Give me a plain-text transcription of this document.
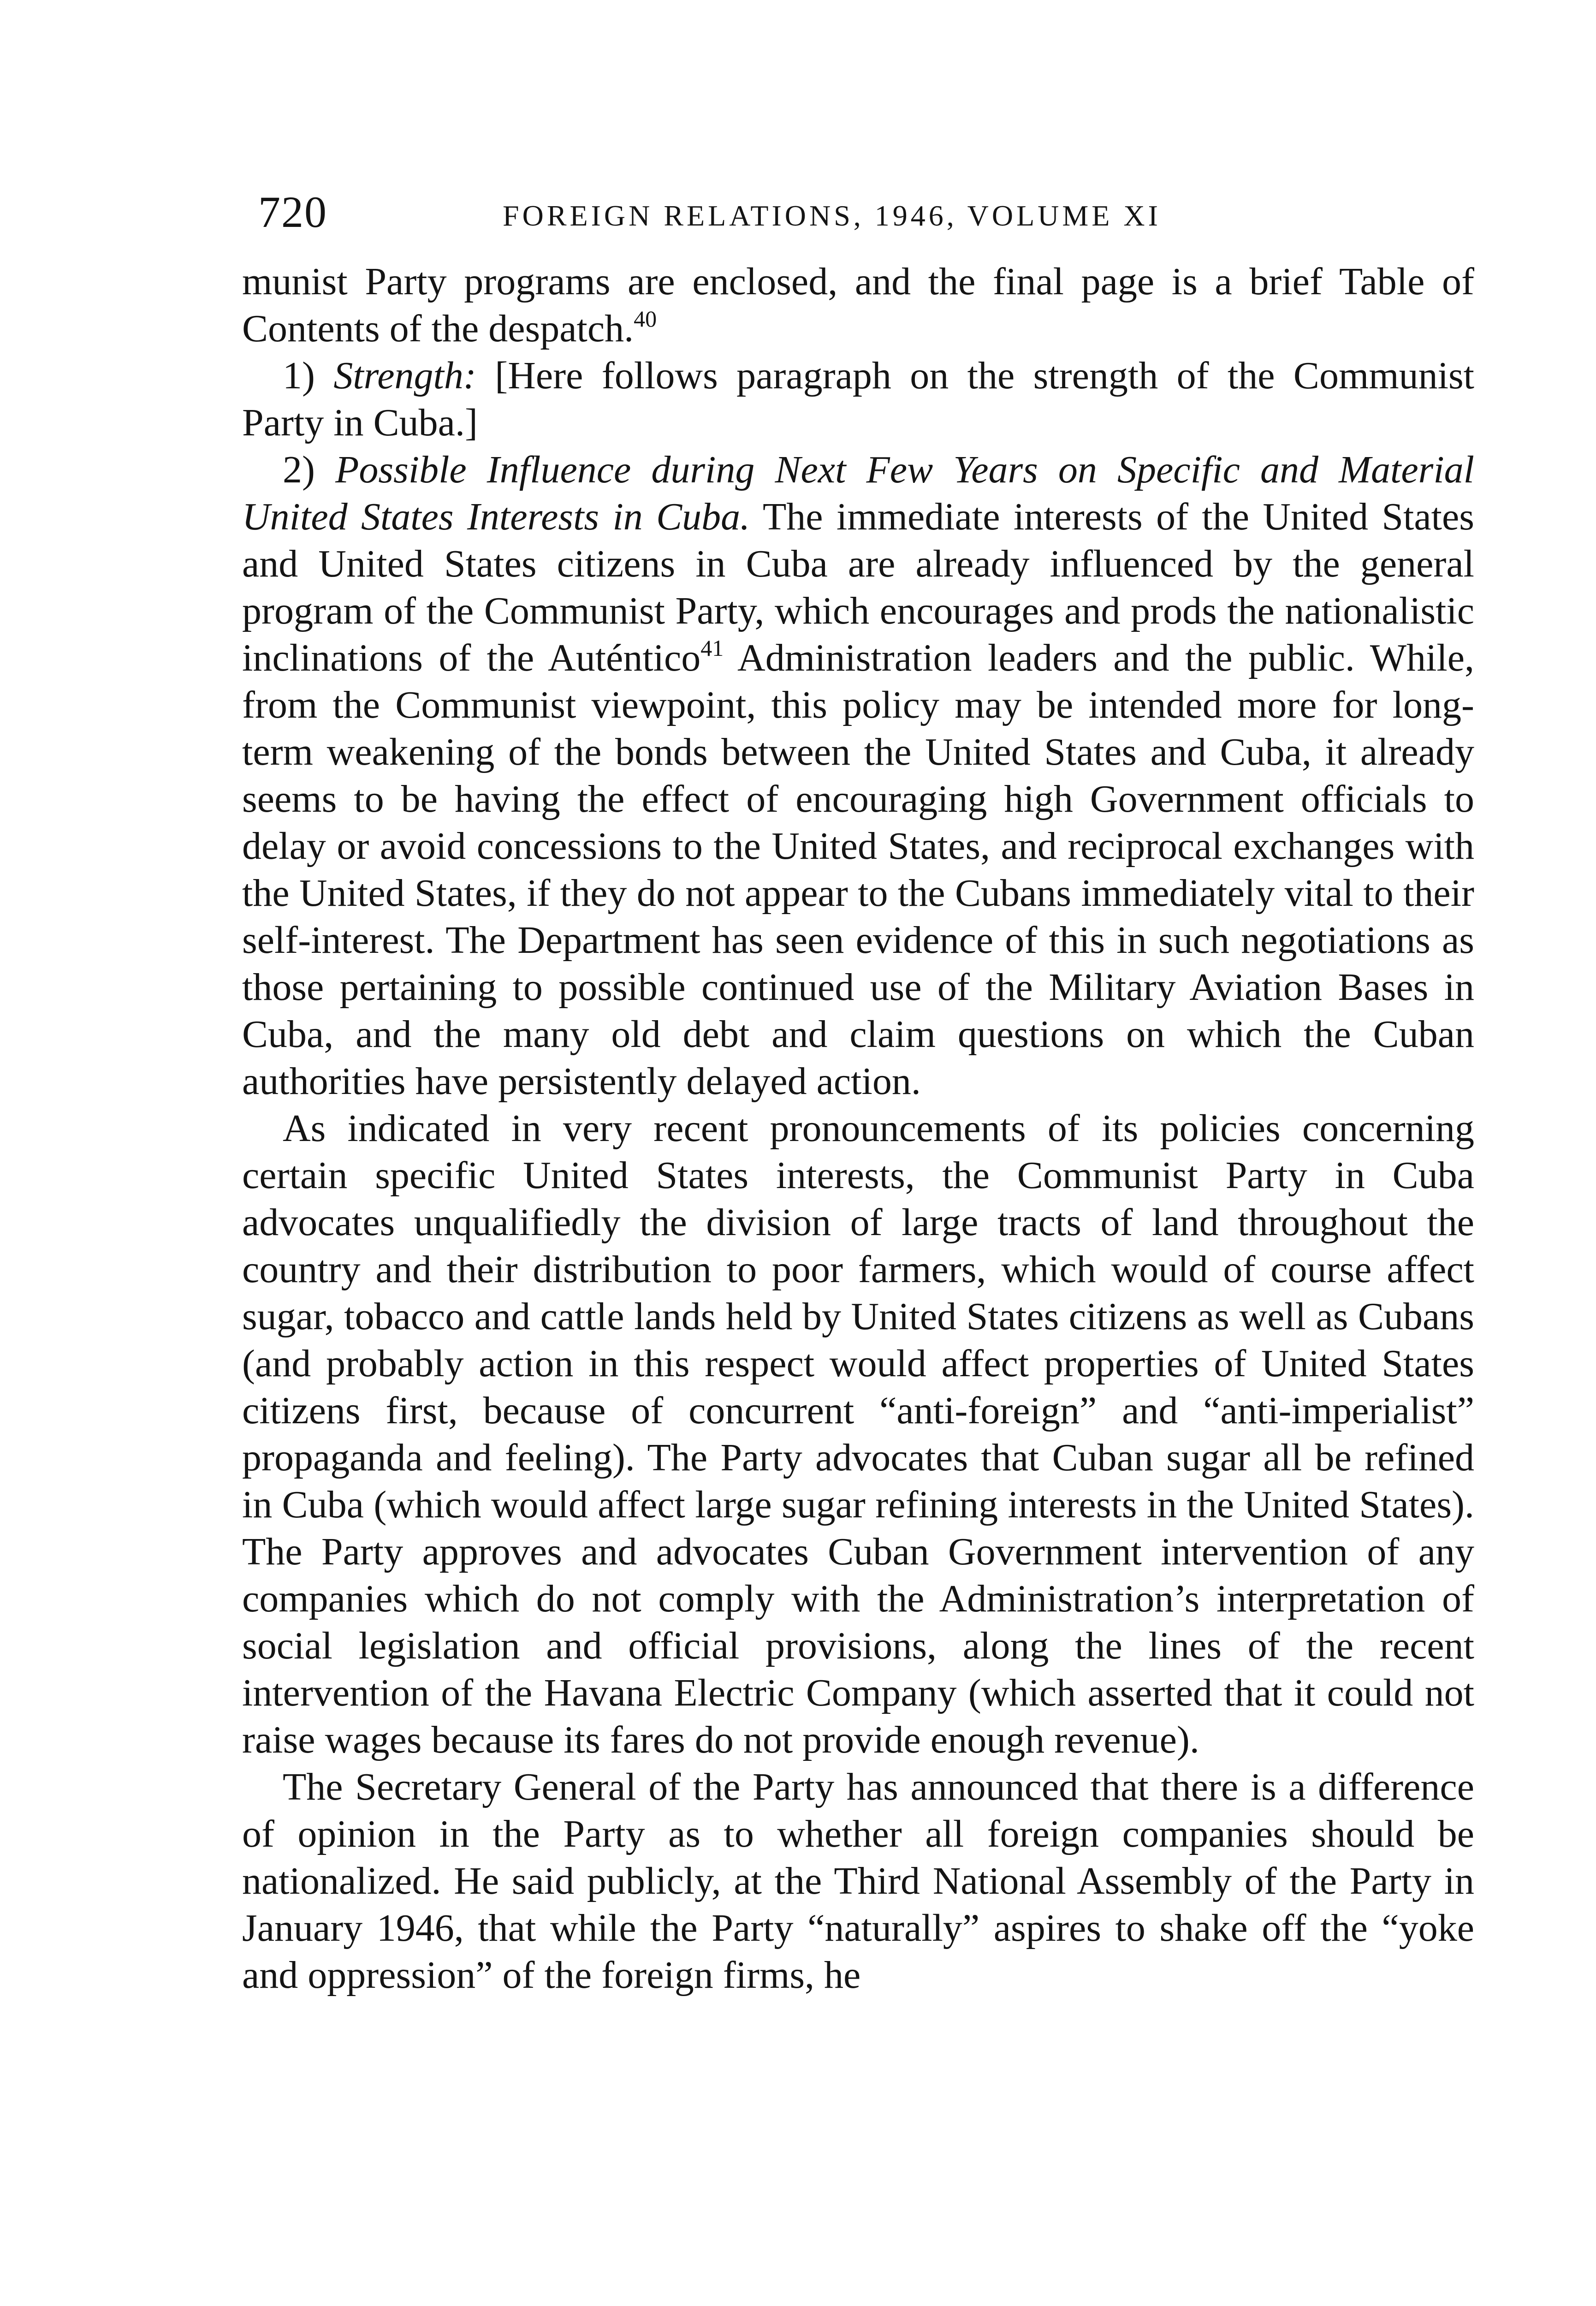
720	FOREIGN RELATIONS, 1946, VOLUME XI

munist Party programs are enclosed, and the final page is a brief Table of Contents of the despatch.$^{40}$

1) Strength: [Here follows paragraph on the strength of the Communist Party in Cuba.]

2) Possible Influence during Next Few Years on Specific and Material United States Interests in Cuba. The immediate interests of the United States and United States citizens in Cuba are already influenced by the general program of the Communist Party, which encourages and prods the nationalistic inclinations of the Auténtico$^{41}$ Administration leaders and the public. While, from the Communist viewpoint, this policy may be intended more for long-term weakening of the bonds between the United States and Cuba, it already seems to be having the effect of encouraging high Government officials to delay or avoid concessions to the United States, and reciprocal exchanges with the United States, if they do not appear to the Cubans immediately vital to their self-interest. The Department has seen evidence of this in such negotiations as those pertaining to possible continued use of the Military Aviation Bases in Cuba, and the many old debt and claim questions on which the Cuban authorities have persistently delayed action.

As indicated in very recent pronouncements of its policies concerning certain specific United States interests, the Communist Party in Cuba advocates unqualifiedly the division of large tracts of land throughout the country and their distribution to poor farmers, which would of course affect sugar, tobacco and cattle lands held by United States citizens as well as Cubans (and probably action in this respect would affect properties of United States citizens first, because of concurrent “anti-foreign” and “anti-imperialist” propaganda and feeling). The Party advocates that Cuban sugar all be refined in Cuba (which would affect large sugar refining interests in the United States). The Party approves and advocates Cuban Government intervention of any companies which do not comply with the Administration’s interpretation of social legislation and official provisions, along the lines of the recent intervention of the Havana Electric Company (which asserted that it could not raise wages because its fares do not provide enough revenue).

The Secretary General of the Party has announced that there is a difference of opinion in the Party as to whether all foreign companies should be nationalized. He said publicly, at the Third National Assembly of the Party in January 1946, that while the Party “naturally” aspires to shake off the “yoke and oppression” of the foreign firms, he
